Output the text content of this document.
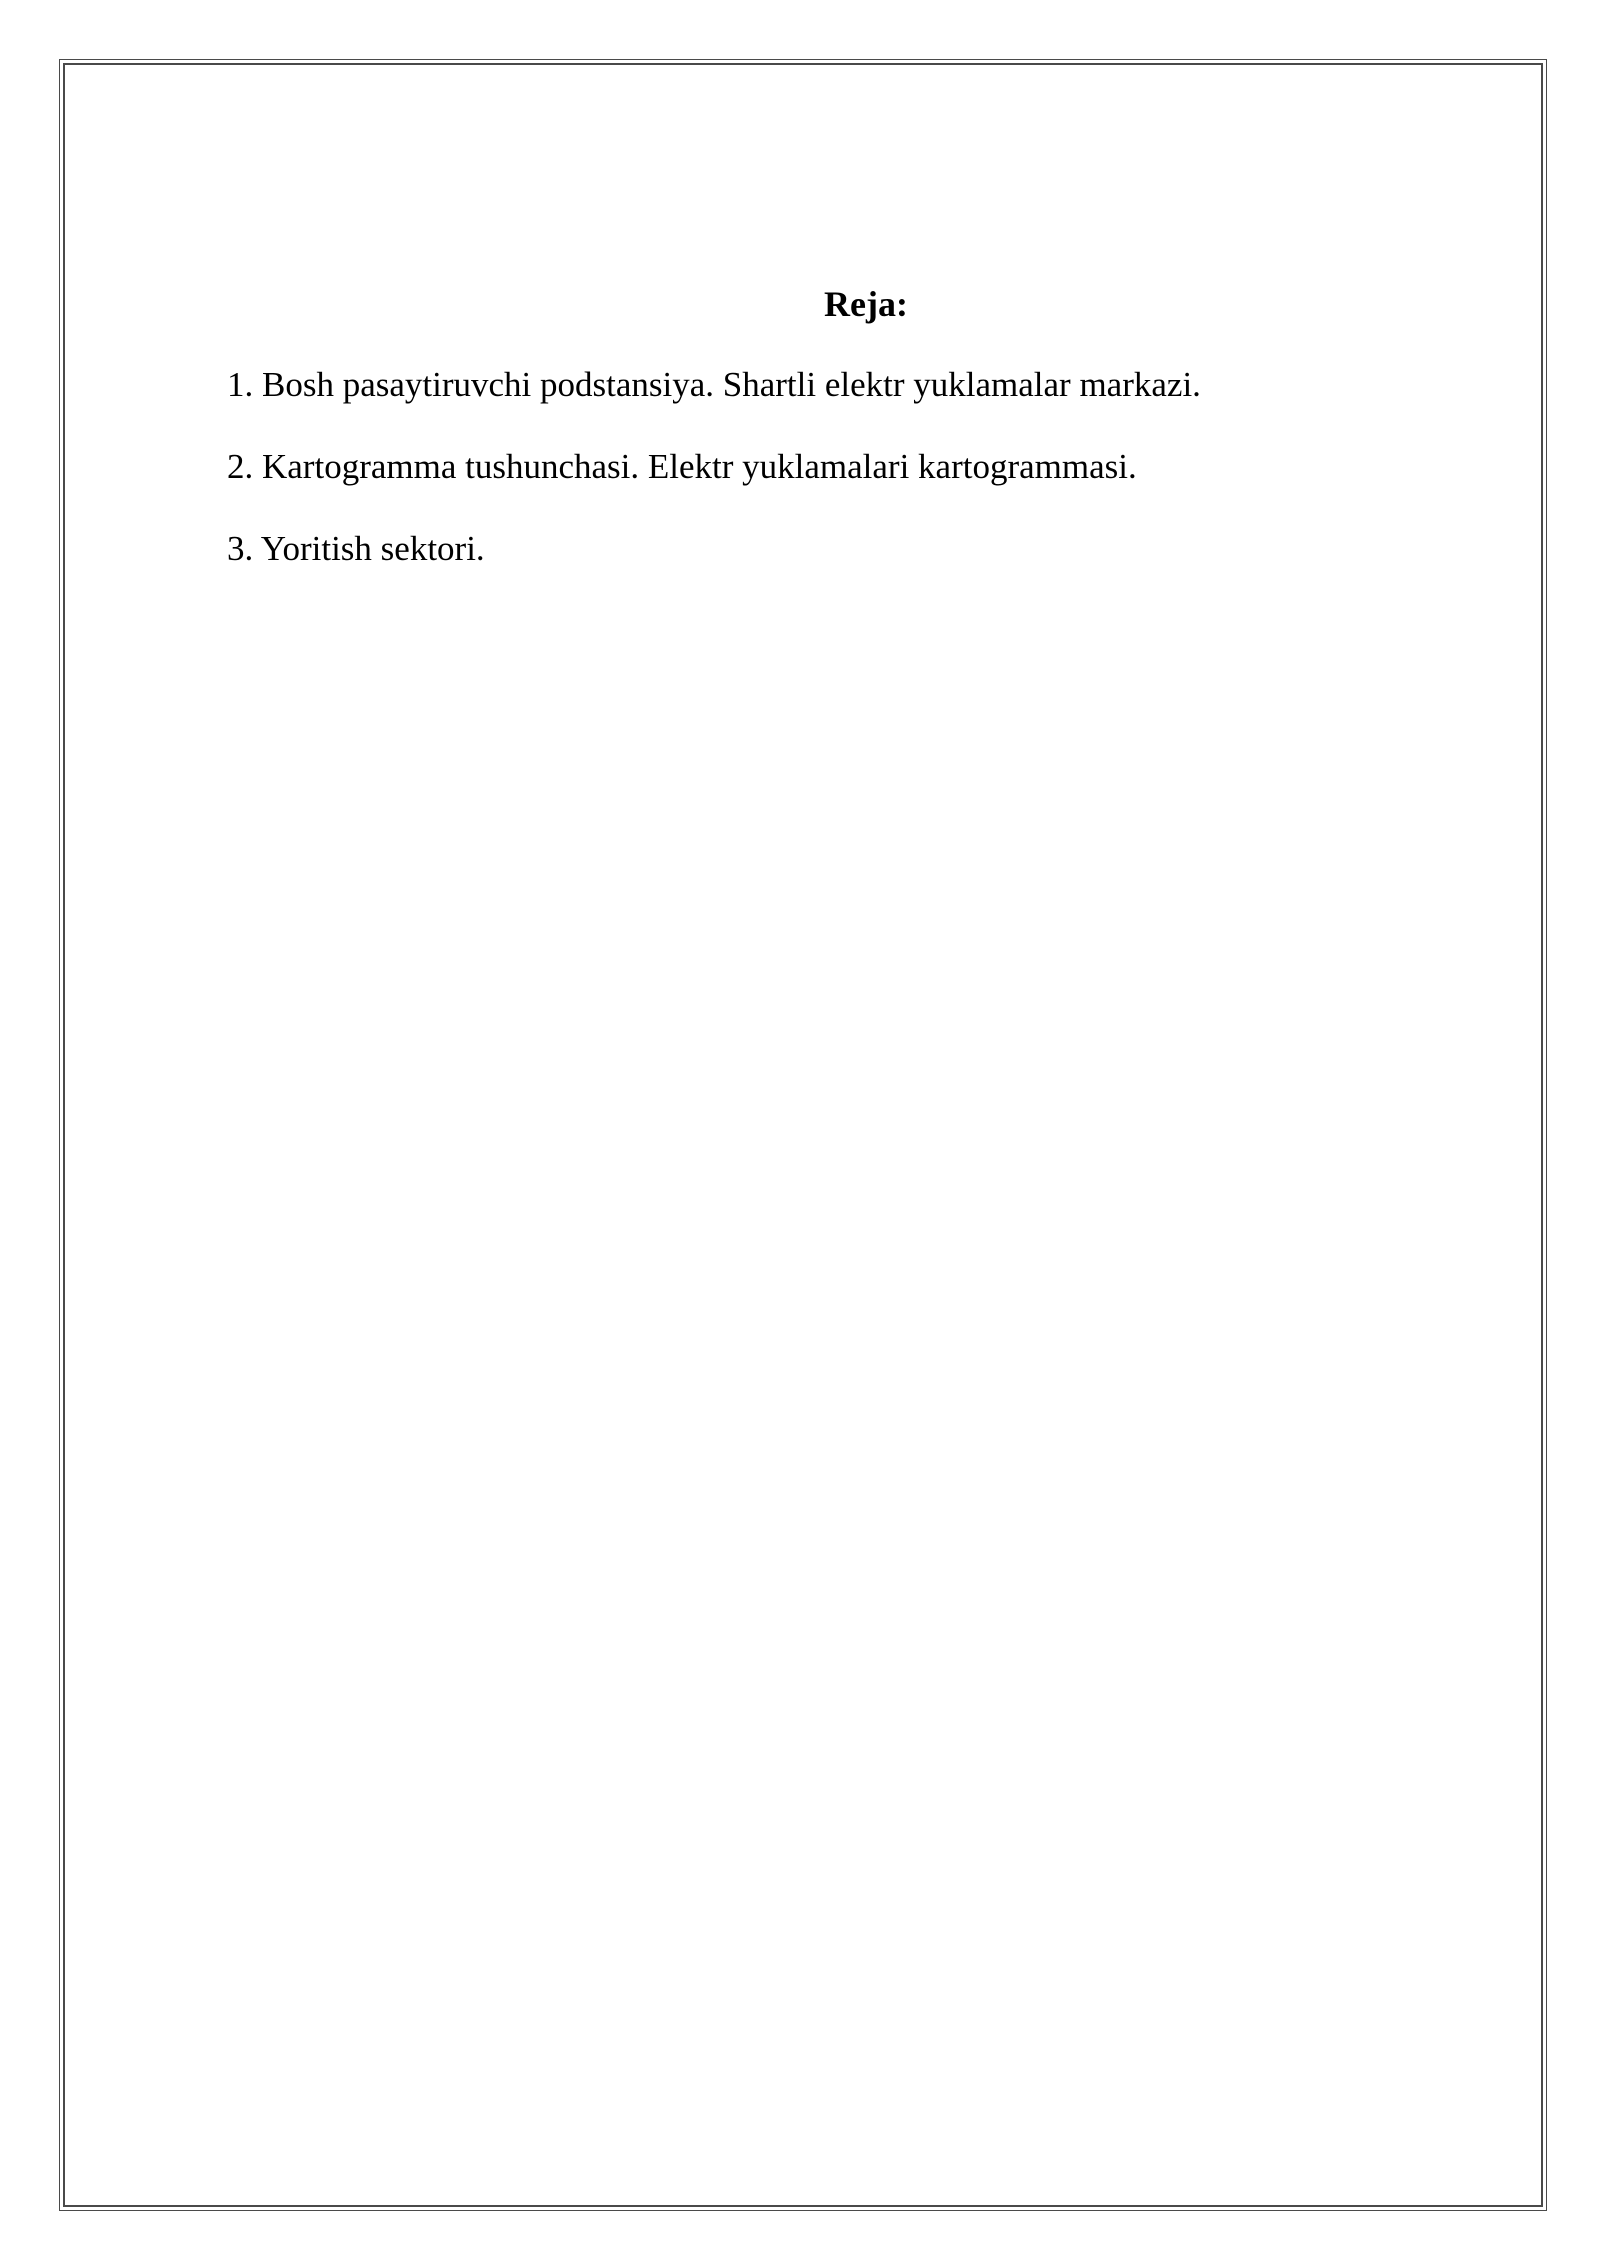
Reja:
1. Bosh pasaytiruvchi podstansiya. Shartli elektr yuklamalar markazi.
2. Kartogramma tushunchasi. Elektr yuklamalari kartogrammasi.
3. Yoritish sektori.
